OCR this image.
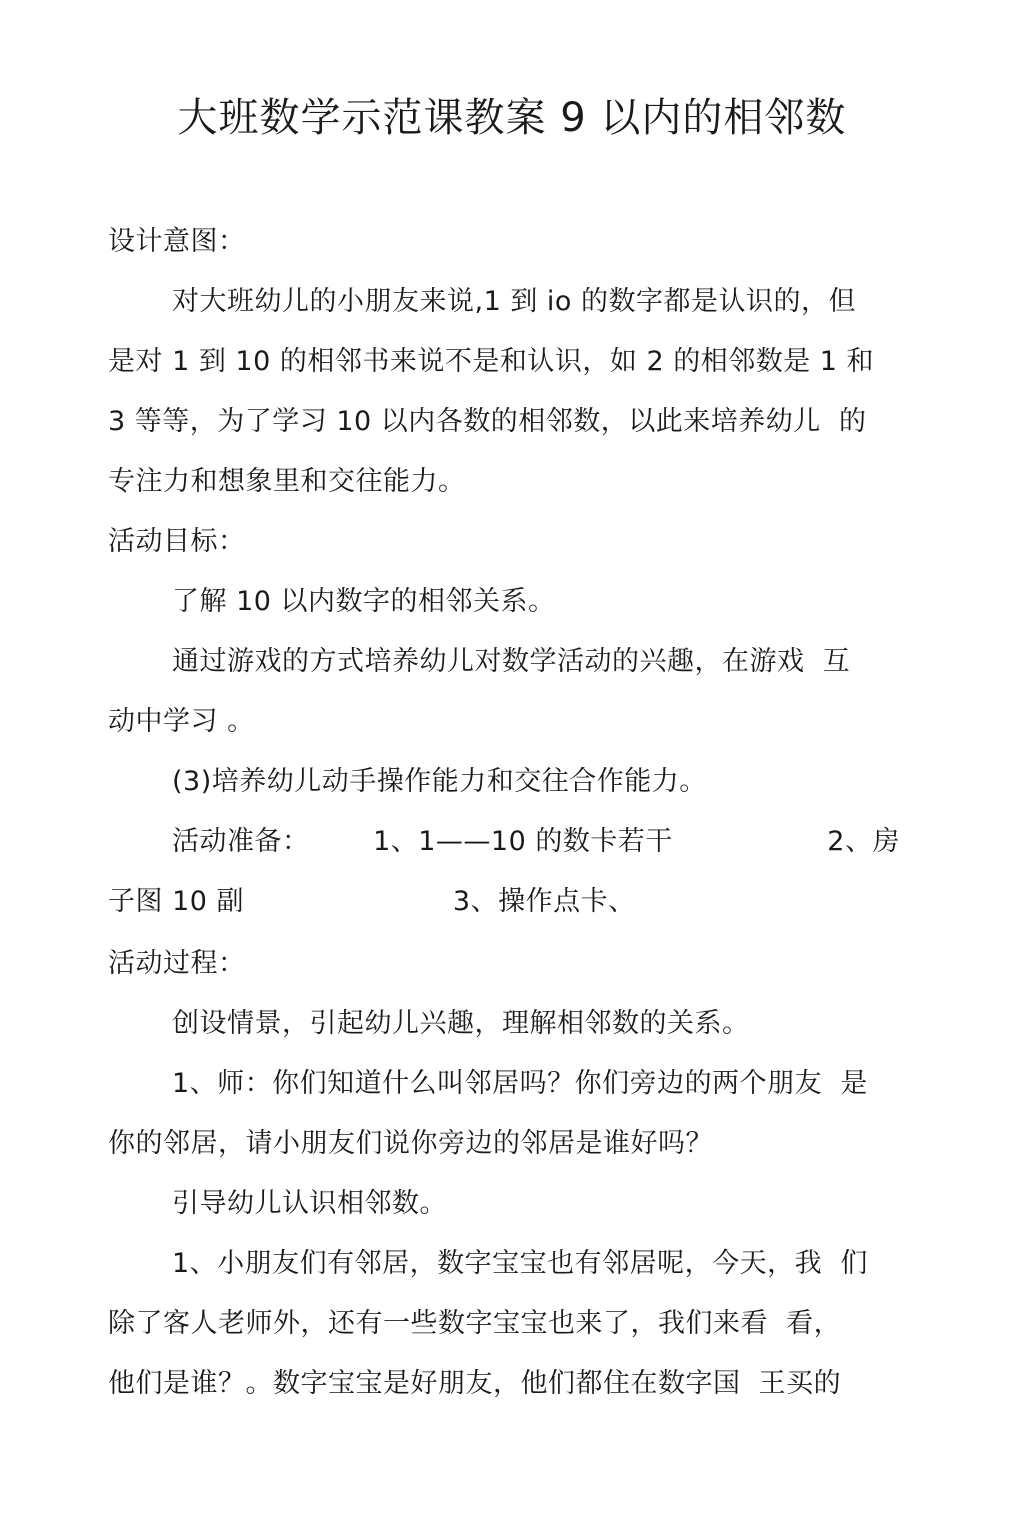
大班数学示范课教案 9 以内的相邻数
设计意图：
对大班幼儿的小朋友来说,1 到 io 的数字都是认识的，但
是对 1 到 10 的相邻书来说不是和认识，如 2 的相邻数是 1 和
3 等等，为了学习 10 以内各数的相邻数，以此来培养幼儿  的
专注力和想象里和交往能力。
活动目标：
了解 10 以内数字的相邻关系。
通过游戏的方式培养幼儿对数学活动的兴趣，在游戏  互
动中学习 。
(3)培养幼儿动手操作能力和交往合作能力。
活动准备：       1、1——10 的数卡若干                 2、房
子图 10 副                       3、操作点卡、
活动过程：
创设情景，引起幼儿兴趣，理解相邻数的关系。
1、师：你们知道什么叫邻居吗？你们旁边的两个朋友  是
你的邻居，请小朋友们说你旁边的邻居是谁好吗？
引导幼儿认识相邻数。
1、小朋友们有邻居，数字宝宝也有邻居呢，今天，我  们
除了客人老师外，还有一些数字宝宝也来了，我们来看  看，
他们是谁？。数字宝宝是好朋友，他们都住在数字国  王买的
